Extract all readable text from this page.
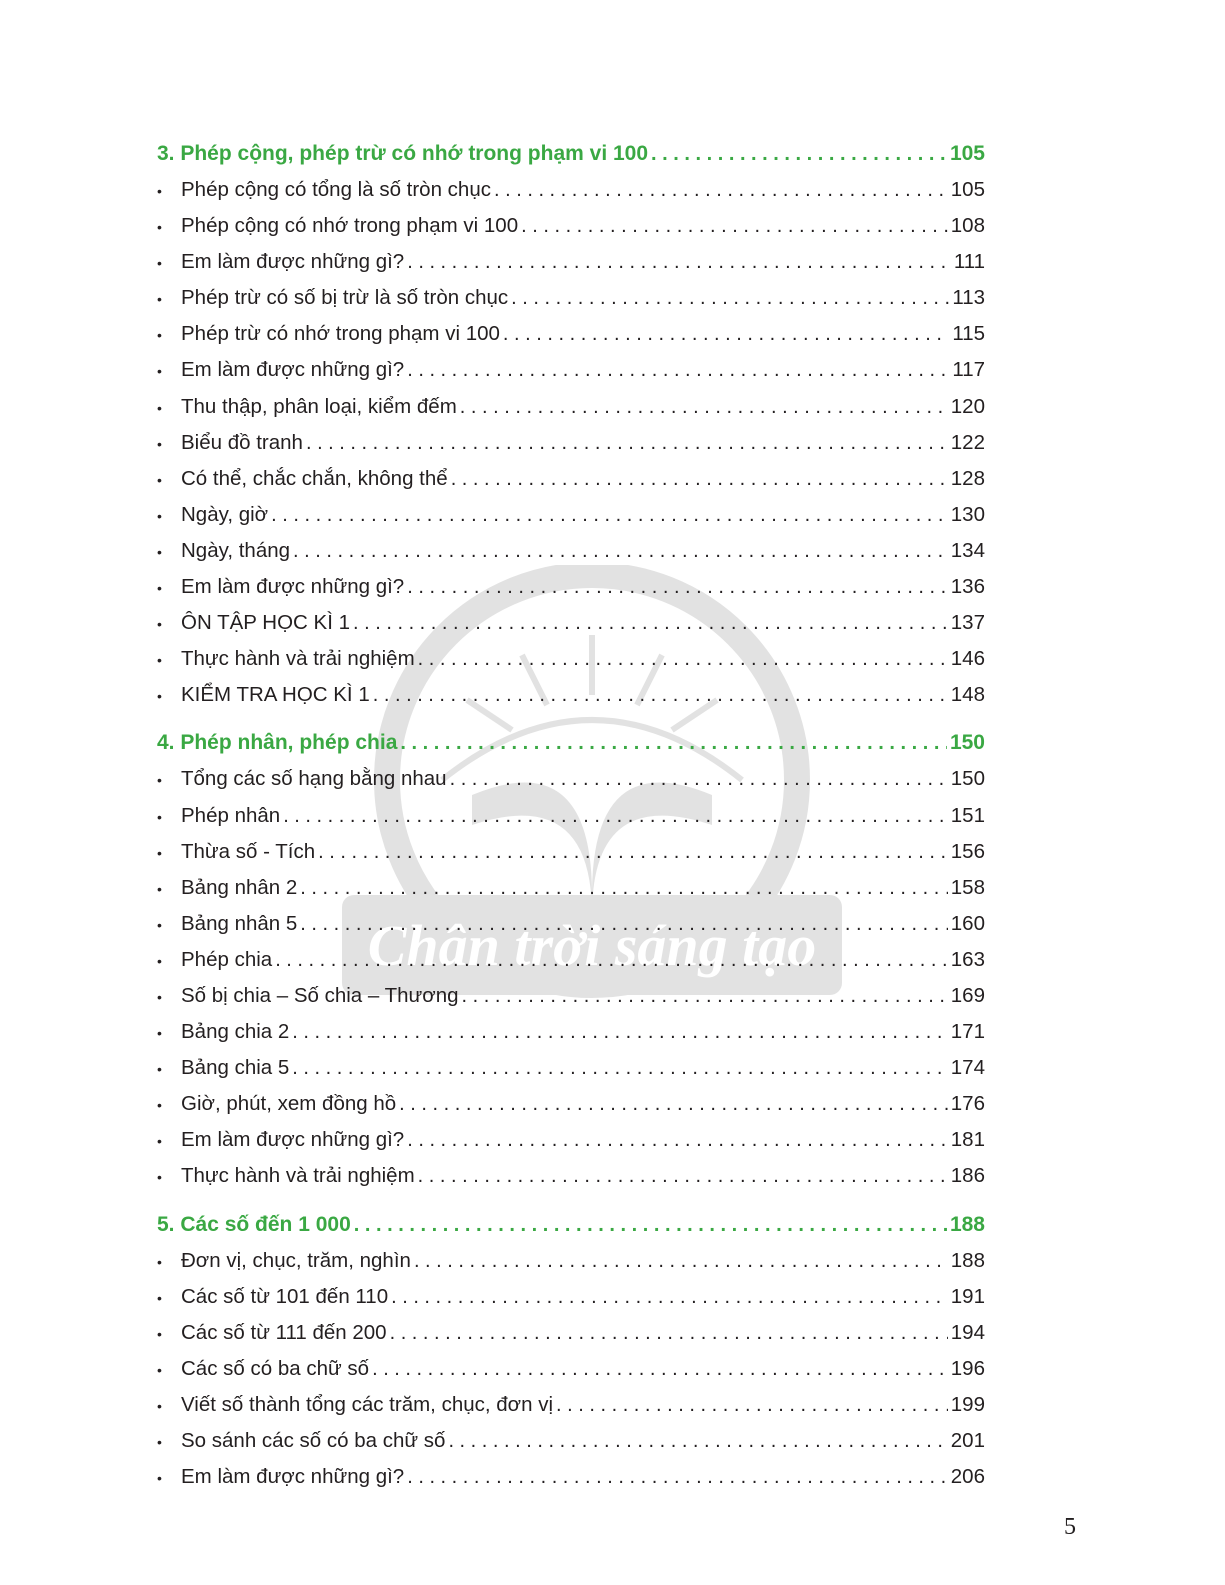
Chân trời sáng tạo
3. Phép cộng, phép trừ có nhớ trong phạm vi 100 . . .	105
• Phép cộng có tổng là số tròn chục . . .	105
• Phép cộng có nhớ trong phạm vi 100 . . .	108
• Em làm được những gì? . . .	111
• Phép trừ có số bị trừ là số tròn chục . . .	113
• Phép trừ có nhớ trong phạm vi 100 . . .	115
• Em làm được những gì? . . .	117
• Thu thập, phân loại, kiểm đếm . . .	120
• Biểu đồ tranh . . .	122
• Có thể, chắc chắn, không thể . . .	128
• Ngày, giờ . . .	130
• Ngày, tháng . . .	134
• Em làm được những gì? . . .	136
• ÔN TẬP HỌC KÌ 1 . . .	137
• Thực hành và trải nghiệm . . .	146
• KIỂM TRA HỌC KÌ 1 . . .	148
4. Phép nhân, phép chia . . .	150
• Tổng các số hạng bằng nhau . . .	150
• Phép nhân . . .	151
• Thừa số - Tích . . .	156
• Bảng nhân 2 . . .	158
• Bảng nhân 5 . . .	160
• Phép chia . . .	163
• Số bị chia – Số chia – Thương . . .	169
• Bảng chia 2 . . .	171
• Bảng chia 5 . . .	174
• Giờ, phút, xem đồng hồ . . .	176
• Em làm được những gì? . . .	181
• Thực hành và trải nghiệm . . .	186
5. Các số đến 1 000 . . .	188
• Đơn vị, chục, trăm, nghìn . . .	188
• Các số từ 101 đến 110 . . .	191
• Các số từ 111 đến 200 . . .	194
• Các số có ba chữ số . . .	196
• Viết số thành tổng các trăm, chục, đơn vị . . .	199
• So sánh các số có ba chữ số . . .	201
• Em làm được những gì? . . .	206
5
